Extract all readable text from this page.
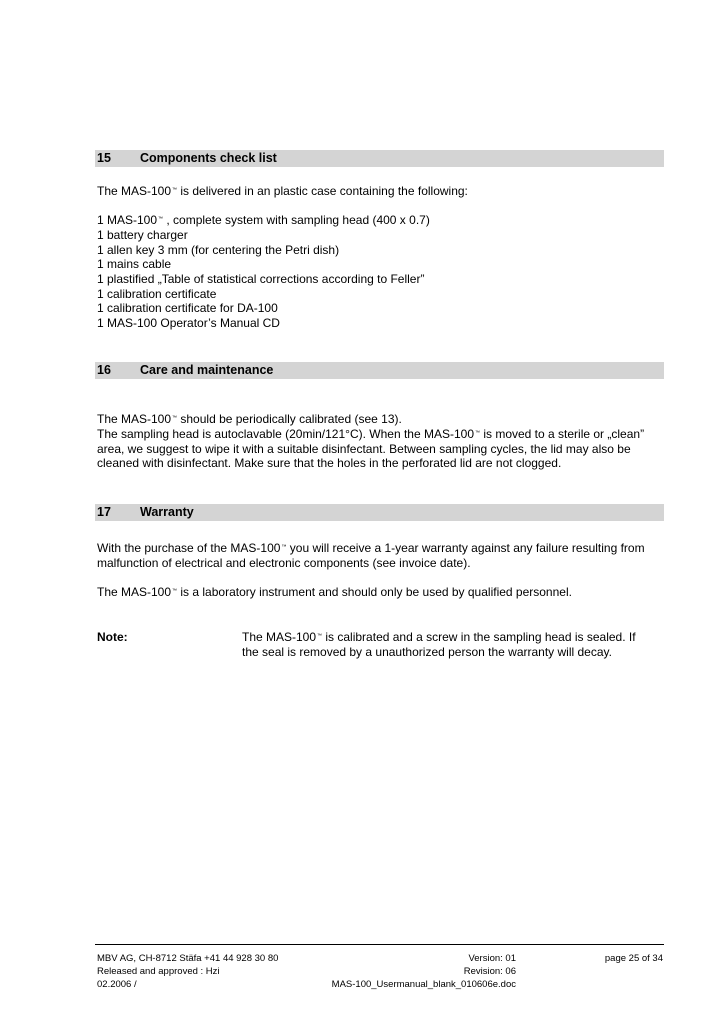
15 Components check list
The MAS-100™ is delivered in an plastic case containing the following:
1 MAS-100™ , complete system with sampling head (400 x 0.7)
1 battery charger
1 allen key 3 mm (for centering the Petri dish)
1 mains cable
1 plastified „Table of statistical corrections according to Feller”
1 calibration certificate
1 calibration certificate for DA-100
1 MAS-100 Operator’s Manual CD
16 Care and maintenance
The MAS-100™ should be periodically calibrated (see 13).
The sampling head is autoclavable (20min/121°C). When the MAS-100™ is moved to a sterile or „clean”
area, we suggest to wipe it with a suitable disinfectant. Between sampling cycles, the lid may also be
cleaned with disinfectant. Make sure that the holes in the perforated lid are not clogged.
17 Warranty
With the purchase of the MAS-100™ you will receive a 1-year warranty against any failure resulting from
malfunction of electrical and electronic components (see invoice date).
The MAS-100™ is a laboratory instrument and should only be used by qualified personnel.
Note:	The MAS-100™ is calibrated and a screw in the sampling head is sealed. If
the seal is removed by a unauthorized person the warranty will decay.
MBV AG, CH-8712 Stäfa +41 44 928 30 80
Released and approved : Hzi
02.2006 /
Version: 01
Revision: 06
MAS-100_Usermanual_blank_010606e.doc
page 25 of 34
